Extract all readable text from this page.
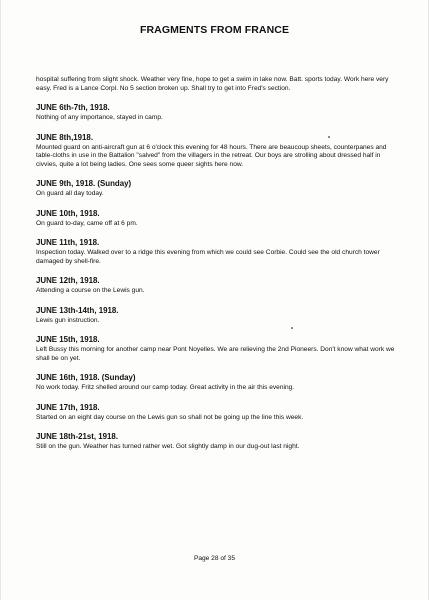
FRAGMENTS FROM FRANCE

hospital suffering from slight shock. Weather very fine, hope to get a swim in lake now. Batt. sports today. Work here very easy. Fred is a Lance Corpl. No 5 section broken up. Shall try to get into Fred's section.

JUNE 6th-7th, 1918.

Nothing of any importance, stayed in camp.

JUNE 8th,1918.

Mounted guard on anti-aircraft gun at 6 o'clock this evening for 48 hours. There are beaucoup sheets, counterpanes and table-cloths in use in the Battalion "salved" from the villagers in the retreat. Our boys are strolling about dressed half in civvies, quite a lot being ladies. One sees some queer sights here now.

JUNE 9th, 1918. (Sunday)

On guard all day today.

JUNE 10th, 1918.

On guard to-day, came off at 6 pm.

JUNE 11th, 1918.

Inspection today. Walked over to a ridge this evening from which we could see Corbie. Could see the old church tower damaged by shell-fire.

JUNE 12th, 1918.

Attending a course on the Lewis gun.

JUNE 13th-14th, 1918.

Lewis gun instruction.

JUNE 15th, 1918.

Left Bussy this morning for another camp near Pont Noyelles. We are relieving the 2nd Pioneers. Don't know what work we shall be on yet.

JUNE 16th, 1918. (Sunday)

No work today. Fritz shelled around our camp today. Great activity in the air this evening.

JUNE 17th, 1918.

Started on an eight day course on the Lewis gun so shall not be going up the line this week.

JUNE 18th-21st, 1918.

Still on the gun. Weather has turned rather wet. Got slightly damp in our dug-out last night.

Page 28 of 35
